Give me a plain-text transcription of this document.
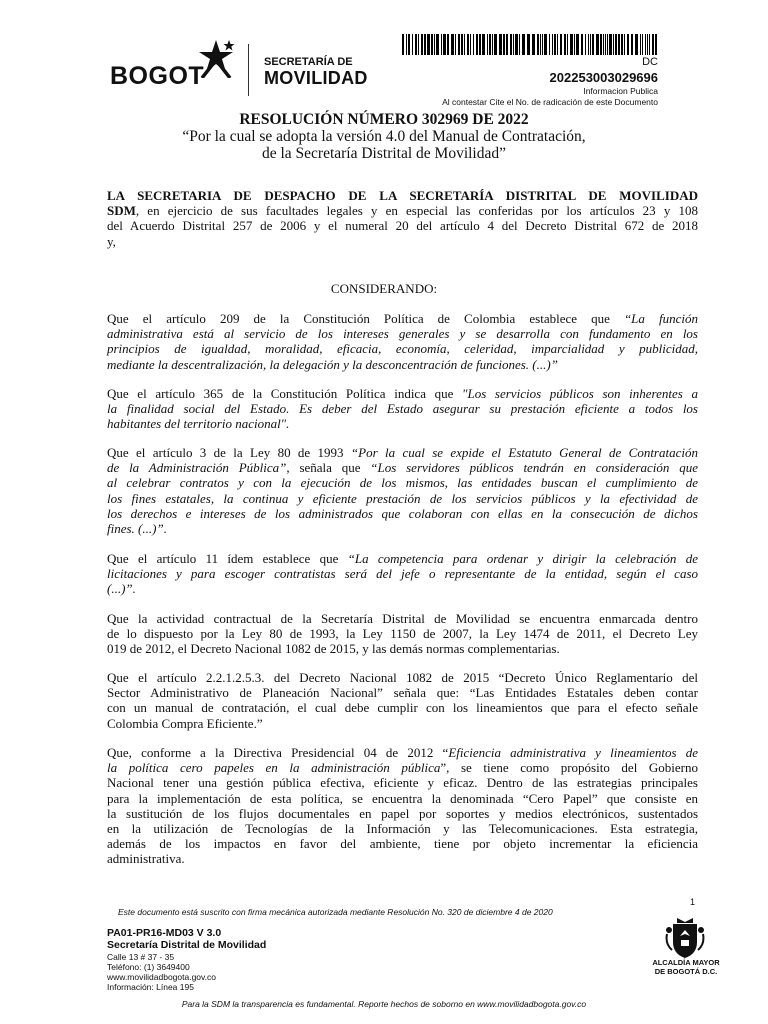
BOGOT	SECRETARÍA DE
MOVILIDAD
DC
202253003029696
Informacion Publica
Al contestar Cite el No. de radicación de este Documento
RESOLUCIÓN NÚMERO 302969 DE 2022
“Por la cual se adopta la versión 4.0 del Manual de Contratación,
de la Secretaría Distrital de Movilidad”
LA SECRETARIA DE DESPACHO DE LA SECRETARÍA DISTRITAL DE MOVILIDAD
SDM, en ejercicio de sus facultades legales y en especial las conferidas por los artículos 23 y 108
del Acuerdo Distrital 257 de 2006 y el numeral 20 del artículo 4 del Decreto Distrital 672 de 2018
y,
CONSIDERANDO:
Que el artículo 209 de la Constitución Política de Colombia establece que “La función
administrativa está al servicio de los intereses generales y se desarrolla con fundamento en los
principios de igualdad, moralidad, eficacia, economía, celeridad, imparcialidad y publicidad,
mediante la descentralización, la delegación y la desconcentración de funciones. (...)”
Que el artículo 365 de la Constitución Política indica que "Los servicios públicos son inherentes a
la finalidad social del Estado. Es deber del Estado asegurar su prestación eficiente a todos los
habitantes del territorio nacional".
Que el artículo 3 de la Ley 80 de 1993 “Por la cual se expide el Estatuto General de Contratación
de la Administración Pública”, señala que “Los servidores públicos tendrán en consideración que
al celebrar contratos y con la ejecución de los mismos, las entidades buscan el cumplimiento de
los fines estatales, la continua y eficiente prestación de los servicios públicos y la efectividad de
los derechos e intereses de los administrados que colaboran con ellas en la consecución de dichos
fines. (...)”.
Que el artículo 11 ídem establece que “La competencia para ordenar y dirigir la celebración de
licitaciones y para escoger contratistas será del jefe o representante de la entidad, según el caso
(...)”.
Que la actividad contractual de la Secretaría Distrital de Movilidad se encuentra enmarcada dentro
de lo dispuesto por la Ley 80 de 1993, la Ley 1150 de 2007, la Ley 1474 de 2011, el Decreto Ley
019 de 2012, el Decreto Nacional 1082 de 2015, y las demás normas complementarias.
Que el artículo 2.2.1.2.5.3. del Decreto Nacional 1082 de 2015 “Decreto Único Reglamentario del
Sector Administrativo de Planeación Nacional” señala que: “Las Entidades Estatales deben contar
con un manual de contratación, el cual debe cumplir con los lineamientos que para el efecto señale
Colombia Compra Eficiente.”
Que, conforme a la Directiva Presidencial 04 de 2012 “Eficiencia administrativa y lineamientos de
la política cero papeles en la administración pública”, se tiene como propósito del Gobierno
Nacional tener una gestión pública efectiva, eficiente y eficaz. Dentro de las estrategias principales
para la implementación de esta política, se encuentra la denominada “Cero Papel” que consiste en
la sustitución de los flujos documentales en papel por soportes y medios electrónicos, sustentados
en la utilización de Tecnologías de la Información y las Telecomunicaciones. Esta estrategia,
además de los impactos en favor del ambiente, tiene por objeto incrementar la eficiencia
administrativa.
1
Este documento está suscrito con firma mecánica autorizada mediante Resolución No. 320 de diciembre 4 de 2020
PA01-PR16-MD03 V 3.0
Secretaría Distrital de Movilidad
Calle 13 # 37 - 35
Teléfono: (1) 3649400
www.movilidadbogota.gov.co
Información: Línea 195
ALCALDÍA MAYOR
DE BOGOTÁ D.C.
Para la SDM la transparencia es fundamental. Reporte hechos de soborno en www.movilidadbogota.gov.co
